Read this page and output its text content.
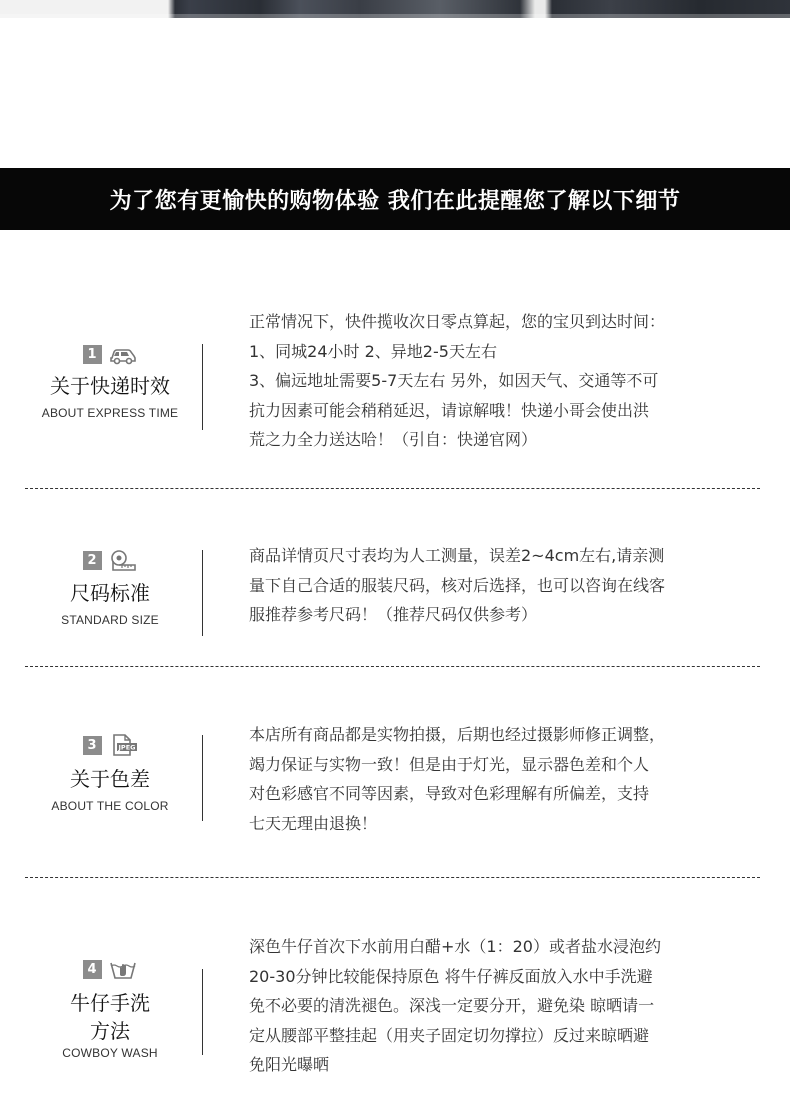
为了您有更愉快的购物体验 我们在此提醒您了解以下细节
1
关于快递时效
ABOUT EXPRESS TIME

正常情况下，快件揽收次日零点算起，您的宝贝到达时间：

1、同城24小时 2、异地2-5天左右

3、偏远地址需要5-7天左右 另外，如因天气、交通等不可

抗力因素可能会稍稍延迟，请谅解哦！快递小哥会使出洪

荒之力全力送达哈！（引自：快递官网）

2
尺码标准
STANDARD SIZE

商品详情页尺寸表均为人工测量，误差2~4cm左右,请亲测

量下自己合适的服装尺码，核对后选择，也可以咨询在线客

服推荐参考尺码！（推荐尺码仅供参考）

3	JPEG
关于色差
ABOUT THE COLOR

本店所有商品都是实物拍摄，后期也经过摄影师修正调整，

竭力保证与实物一致！但是由于灯光，显示器色差和个人

对色彩感官不同等因素，导致对色彩理解有所偏差，支持

七天无理由退换！

4
牛仔手洗
方法
COWBOY WASH

深色牛仔首次下水前用白醋+水（1：20）或者盐水浸泡约

20-30分钟比较能保持原色 将牛仔裤反面放入水中手洗避

免不必要的清洗褪色。深浅一定要分开，避免染 晾晒请一

定从腰部平整挂起（用夹子固定切勿撑拉）反过来晾晒避

免阳光曝晒
